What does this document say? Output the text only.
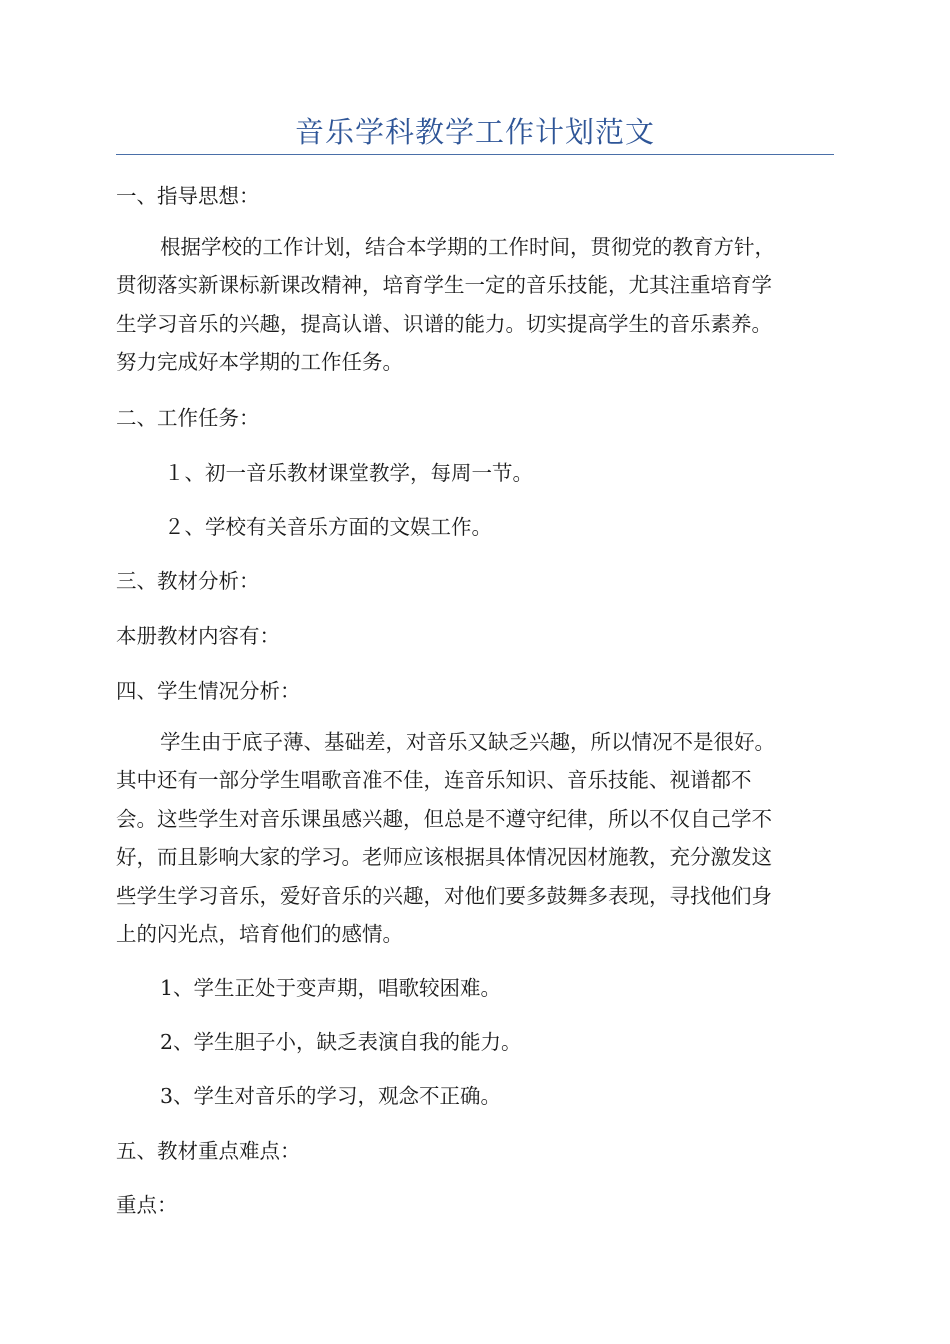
音乐学科教学工作计划范文
一、指导思想：
根据学校的工作计划，结合本学期的工作时间，贯彻党的教育方针，
贯彻落实新课标新课改精神，培育学生一定的音乐技能，尤其注重培育学
生学习音乐的兴趣，提高认谱、识谱的能力。切实提高学生的音乐素养。
努力完成好本学期的工作任务。
二、工作任务：
１、初一音乐教材课堂教学，每周一节。
２、学校有关音乐方面的文娱工作。
三、教材分析：
本册教材内容有：
四、学生情况分析：
学生由于底子薄、基础差，对音乐又缺乏兴趣，所以情况不是很好。
其中还有一部分学生唱歌音准不佳，连音乐知识、音乐技能、视谱都不
会。这些学生对音乐课虽感兴趣，但总是不遵守纪律，所以不仅自己学不
好，而且影响大家的学习。老师应该根据具体情况因材施教，充分激发这
些学生学习音乐，爱好音乐的兴趣，对他们要多鼓舞多表现，寻找他们身
上的闪光点，培育他们的感情。
1、学生正处于变声期，唱歌较困难。
2、学生胆子小，缺乏表演自我的能力。
3、学生对音乐的学习，观念不正确。
五、教材重点难点：
重点：
